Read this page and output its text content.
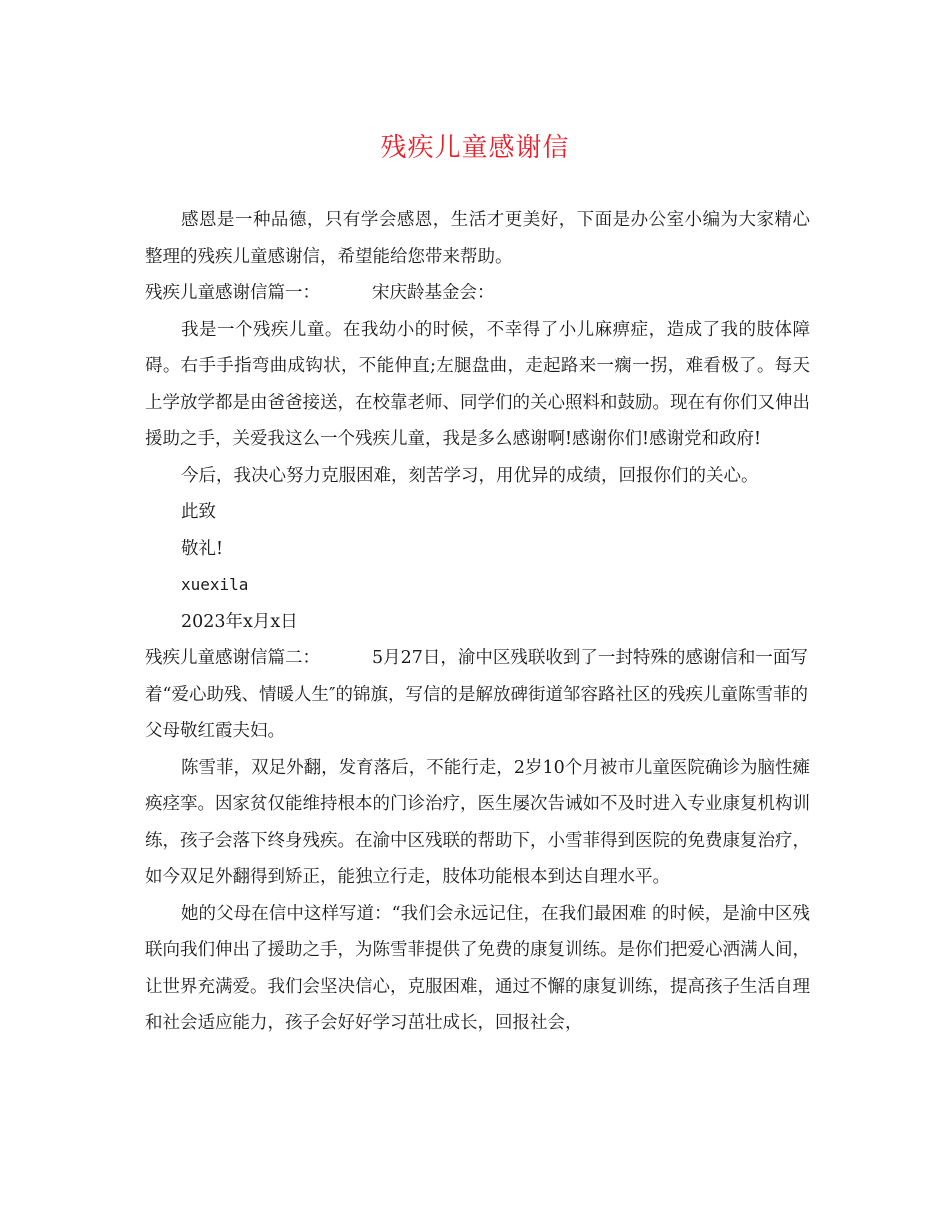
残疾儿童感谢信

感恩是一种品德，只有学会感恩，生活才更美好，下面是办公室小编为大家精心整理的残疾儿童感谢信，希望能给您带来帮助。

残疾儿童感谢信篇一：	宋庆龄基金会：

我是一个残疾儿童。在我幼小的时候，不幸得了小儿麻痹症，造成了我的肢体障碍。右手手指弯曲成钩状，不能伸直;左腿盘曲，走起路来一瘸一拐，难看极了。每天上学放学都是由爸爸接送，在校靠老师、同学们的关心照料和鼓励。现在有你们又伸出援助之手，关爱我这么一个残疾儿童，我是多么感谢啊!感谢你们!感谢党和政府!

今后，我决心努力克服困难，刻苦学习，用优异的成绩，回报你们的关心。

此致

敬礼!

xuexila

2023年x月x日

残疾儿童感谢信篇二：	5月27日，渝中区残联收到了一封特殊的感谢信和一面写着“爱心助残、情暖人生″的锦旗，写信的是解放碑街道邹容路社区的残疾儿童陈雪菲的父母敬红霞夫妇。

陈雪菲，双足外翻，发育落后，不能行走，2岁10个月被市儿童医院确诊为脑性瘫痪痉挛。因家贫仅能维持根本的门诊治疗，医生屡次告诫如不及时进入专业康复机构训练，孩子会落下终身残疾。在渝中区残联的帮助下，小雪菲得到医院的免费康复治疗，如今双足外翻得到矫正，能独立行走，肢体功能根本到达自理水平。

她的父母在信中这样写道：“我们会永远记住，在我们最困难 的时候，是渝中区残联向我们伸出了援助之手，为陈雪菲提供了免费的康复训练。是你们把爱心洒满人间，让世界充满爱。我们会坚决信心，克服困难，通过不懈的康复训练，提高孩子生活自理和社会适应能力，孩子会好好学习茁壮成长，回报社会，
